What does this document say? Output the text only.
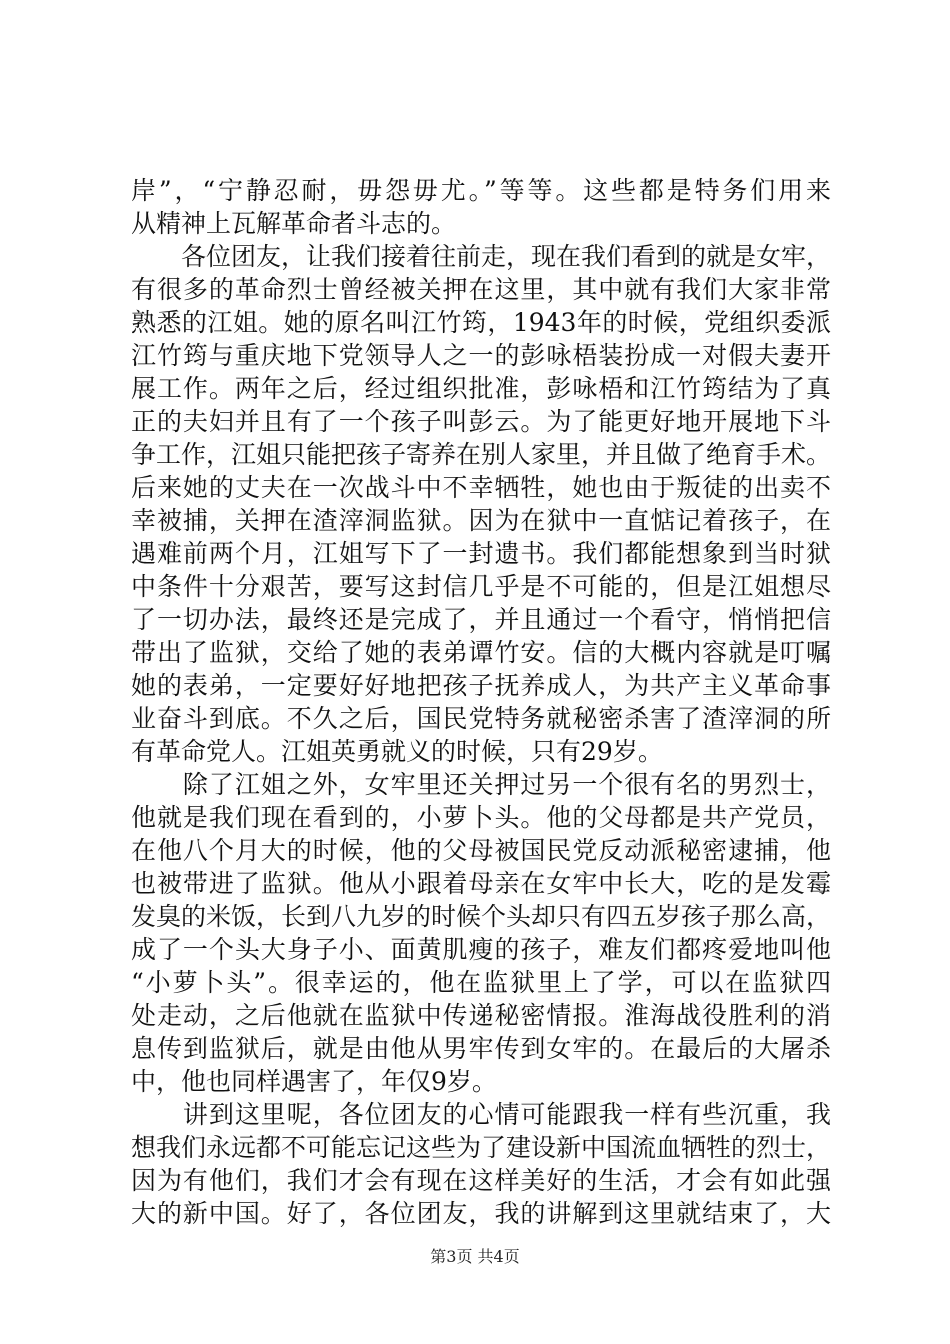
岸”，“宁静忍耐，毋怨毋尤。”等等。这些都是特务们用来
从精神上瓦解革命者斗志的。
　　各位团友，让我们接着往前走，现在我们看到的就是女牢，
有很多的革命烈士曾经被关押在这里，其中就有我们大家非常
熟悉的江姐。她的原名叫江竹筠，1943年的时候，党组织委派
江竹筠与重庆地下党领导人之一的彭咏梧装扮成一对假夫妻开
展工作。两年之后，经过组织批准，彭咏梧和江竹筠结为了真
正的夫妇并且有了一个孩子叫彭云。为了能更好地开展地下斗
争工作，江姐只能把孩子寄养在别人家里，并且做了绝育手术。
后来她的丈夫在一次战斗中不幸牺牲，她也由于叛徒的出卖不
幸被捕，关押在渣滓洞监狱。因为在狱中一直惦记着孩子，在
遇难前两个月，江姐写下了一封遗书。我们都能想象到当时狱
中条件十分艰苦，要写这封信几乎是不可能的，但是江姐想尽
了一切办法，最终还是完成了，并且通过一个看守，悄悄把信
带出了监狱，交给了她的表弟谭竹安。信的大概内容就是叮嘱
她的表弟，一定要好好地把孩子抚养成人，为共产主义革命事
业奋斗到底。不久之后，国民党特务就秘密杀害了渣滓洞的所
有革命党人。江姐英勇就义的时候，只有29岁。
　　除了江姐之外，女牢里还关押过另一个很有名的男烈士，
他就是我们现在看到的，小萝卜头。他的父母都是共产党员，
在他八个月大的时候，他的父母被国民党反动派秘密逮捕，他
也被带进了监狱。他从小跟着母亲在女牢中长大，吃的是发霉
发臭的米饭，长到八九岁的时候个头却只有四五岁孩子那么高，
成了一个头大身子小、面黄肌瘦的孩子，难友们都疼爱地叫他
“小萝卜头”。很幸运的，他在监狱里上了学，可以在监狱四
处走动，之后他就在监狱中传递秘密情报。淮海战役胜利的消
息传到监狱后，就是由他从男牢传到女牢的。在最后的大屠杀
中，他也同样遇害了，年仅9岁。
　　讲到这里呢，各位团友的心情可能跟我一样有些沉重，我
想我们永远都不可能忘记这些为了建设新中国流血牺牲的烈士，
因为有他们，我们才会有现在这样美好的生活，才会有如此强
大的新中国。好了，各位团友，我的讲解到这里就结束了，大
第3页 共4页
